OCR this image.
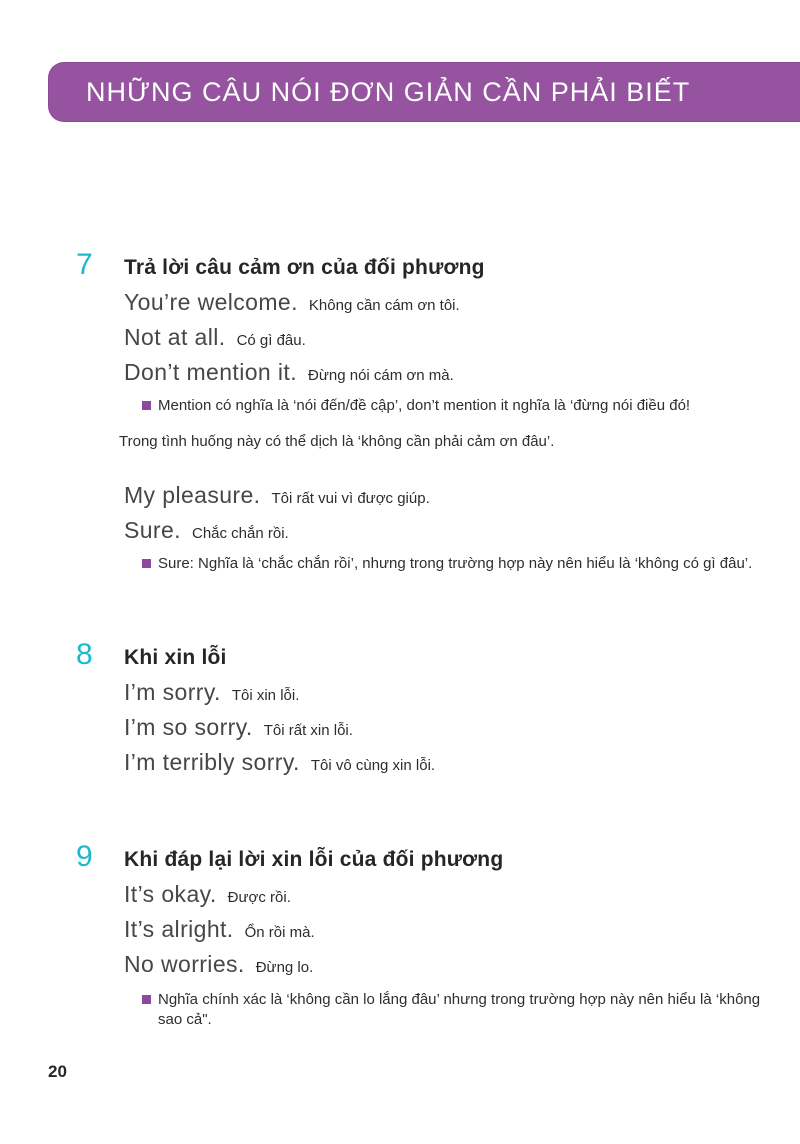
NHỮNG CÂU NÓI ĐƠN GIẢN CẦN PHẢI BIẾT
7	Trả lời câu cảm ơn của đối phương
You’re welcome. Không cần cám ơn tôi.
Not at all. Có gì đâu.
Don’t mention it. Đừng nói cám ơn mà.
Mention có nghĩa là ‘nói đến/đề cập’, don’t mention it nghĩa là ‘đừng nói điều đó!
Trong tình huống này có thể dịch là ‘không cần phải cảm ơn đâu’.
My pleasure. Tôi rất vui vì được giúp.
Sure. Chắc chắn rồi.
Sure: Nghĩa là ‘chắc chắn rồi’, nhưng trong trường hợp này nên hiểu là ‘không có gì đâu’.
8	Khi xin lỗi
I’m sorry. Tôi xin lỗi.
I’m so sorry. Tôi rất xin lỗi.
I’m terribly sorry. Tôi vô cùng xin lỗi.
9	Khi đáp lại lời xin lỗi của đối phương
It’s okay. Được rồi.
It’s alright. Ổn rồi mà.
No worries. Đừng lo.
Nghĩa chính xác là ‘không cần lo lắng đâu’ nhưng trong trường hợp này nên hiểu là ‘không sao cả".
20
